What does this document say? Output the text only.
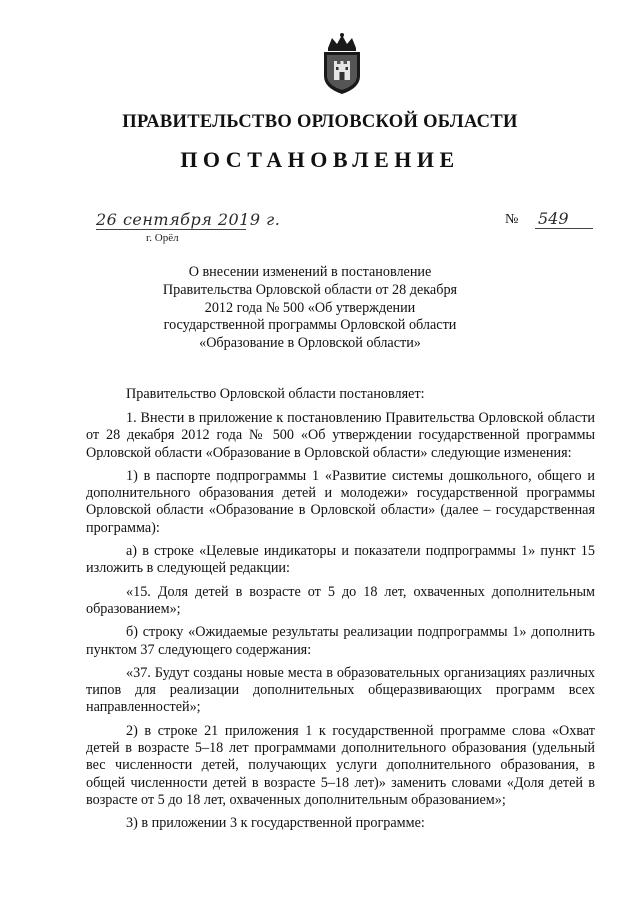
ПРАВИТЕЛЬСТВО ОРЛОВСКОЙ ОБЛАСТИ
ПОСТАНОВЛЕНИЕ
26 сентября 2019 г.
г. Орёл
№ 549
О внесении изменений в постановление Правительства Орловской области от 28 декабря 2012 года № 500 «Об утверждении государственной программы Орловской области «Образование в Орловской области»
Правительство Орловской области постановляет:

1. Внести в приложение к постановлению Правительства Орловской области от 28 декабря 2012 года № 500 «Об утверждении государственной программы Орловской области «Образование в Орловской области» следующие изменения:

1) в паспорте подпрограммы 1 «Развитие системы дошкольного, общего и дополнительного образования детей и молодежи» государственной программы Орловской области «Образование в Орловской области» (далее – государственная программа):

а) в строке «Целевые индикаторы и показатели подпрограммы 1» пункт 15 изложить в следующей редакции:

«15. Доля детей в возрасте от 5 до 18 лет, охваченных дополнительным образованием»;

б) строку «Ожидаемые результаты реализации подпрограммы 1» дополнить пунктом 37 следующего содержания:

«37. Будут созданы новые места в образовательных организациях различных типов для реализации дополнительных общеразвивающих программ всех направленностей»;

2) в строке 21 приложения 1 к государственной программе слова «Охват детей в возрасте 5–18 лет программами дополнительного образования (удельный вес численности детей, получающих услуги дополнительного образования, в общей численности детей в возрасте 5–18 лет)» заменить словами «Доля детей в возрасте от 5 до 18 лет, охваченных дополнительным образованием»;

3) в приложении 3 к государственной программе:
